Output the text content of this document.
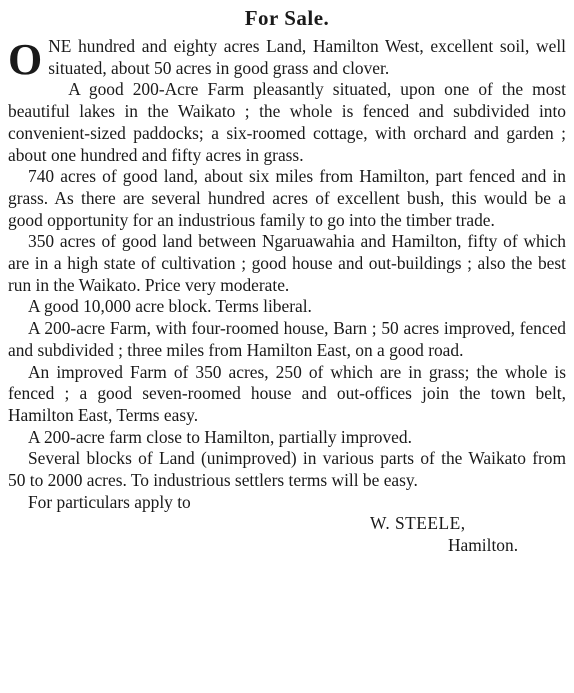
For Sale.

ONE hundred and eighty acres Land, Hamilton West, excellent soil, well situated, about 50 acres in good grass and clover.

A good 200-Acre Farm pleasantly situated, upon one of the most beautiful lakes in the Waikato ; the whole is fenced and subdivided into convenient-sized paddocks; a six-roomed cottage, with orchard and garden ; about one hundred and fifty acres in grass.

740 acres of good land, about six miles from Hamilton, part fenced and in grass. As there are several hundred acres of excellent bush, this would be a good opportunity for an industrious family to go into the timber trade.

350 acres of good land between Ngaruawahia and Hamilton, fifty of which are in a high state of cultivation ; good house and out-buildings ; also the best run in the Waikato. Price very moderate.

A good 10,000 acre block. Terms liberal.

A 200-acre Farm, with four-roomed house, Barn ; 50 acres improved, fenced and subdivided ; three miles from Hamilton East, on a good road.

An improved Farm of 350 acres, 250 of which are in grass; the whole is fenced ; a good seven-roomed house and out-offices join the town belt, Hamilton East, Terms easy.

A 200-acre farm close to Hamilton, partially improved.

Several blocks of Land (unimproved) in various parts of the Waikato from 50 to 2000 acres. To industrious settlers terms will be easy.

For particulars apply to

W. STEELE,
Hamilton.
